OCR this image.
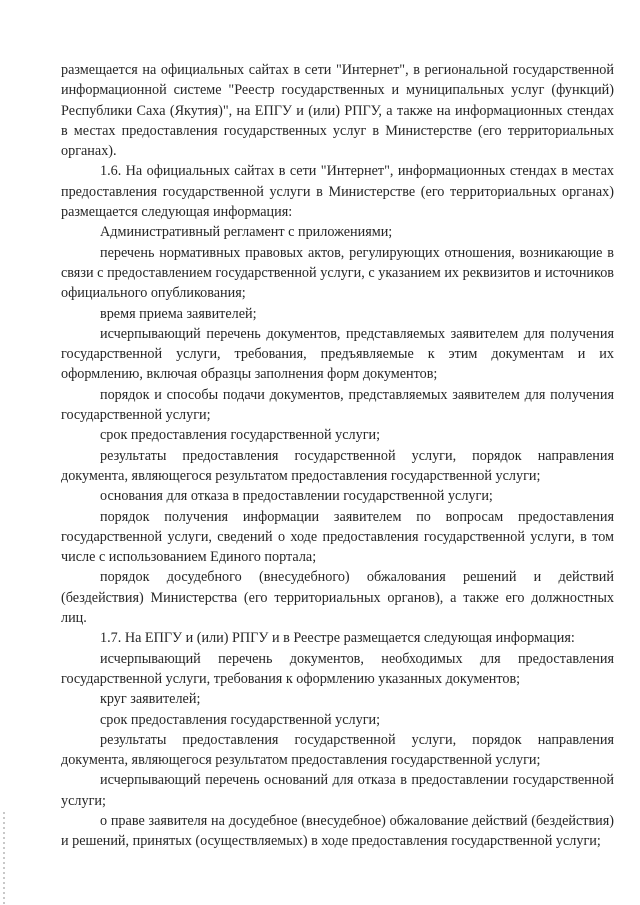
размещается на официальных сайтах в сети "Интернет", в региональной государственной информационной системе "Реестр государственных и муниципальных услуг (функций) Республики Саха (Якутия)", на ЕПГУ и (или) РПГУ, а также на информационных стендах в местах предоставления государственных услуг в Министерстве (его территориальных органах).

1.6. На официальных сайтах в сети "Интернет", информационных стендах в местах предоставления государственной услуги в Министерстве (его территориальных органах) размещается следующая информация:

Административный регламент с приложениями;

перечень нормативных правовых актов, регулирующих отношения, возникающие в связи с предоставлением государственной услуги, с указанием их реквизитов и источников официального опубликования;

время приема заявителей;

исчерпывающий перечень документов, представляемых заявителем для получения государственной услуги, требования, предъявляемые к этим документам и их оформлению, включая образцы заполнения форм документов;

порядок и способы подачи документов, представляемых заявителем для получения государственной услуги;

срок предоставления государственной услуги;

результаты предоставления государственной услуги, порядок направления документа, являющегося результатом предоставления государственной услуги;

основания для отказа в предоставлении государственной услуги;

порядок получения информации заявителем по вопросам предоставления государственной услуги, сведений о ходе предоставления государственной услуги, в том числе с использованием Единого портала;

порядок досудебного (внесудебного) обжалования решений и действий (бездействия) Министерства (его территориальных органов), а также его должностных лиц.

1.7. На ЕПГУ и (или) РПГУ и в Реестре размещается следующая информация:

исчерпывающий перечень документов, необходимых для предоставления государственной услуги, требования к оформлению указанных документов;

круг заявителей;

срок предоставления государственной услуги;

результаты предоставления государственной услуги, порядок направления документа, являющегося результатом предоставления государственной услуги;

исчерпывающий перечень оснований для отказа в предоставлении государственной услуги;

о праве заявителя на досудебное (внесудебное) обжалование действий (бездействия) и решений, принятых (осуществляемых) в ходе предоставления государственной услуги;
